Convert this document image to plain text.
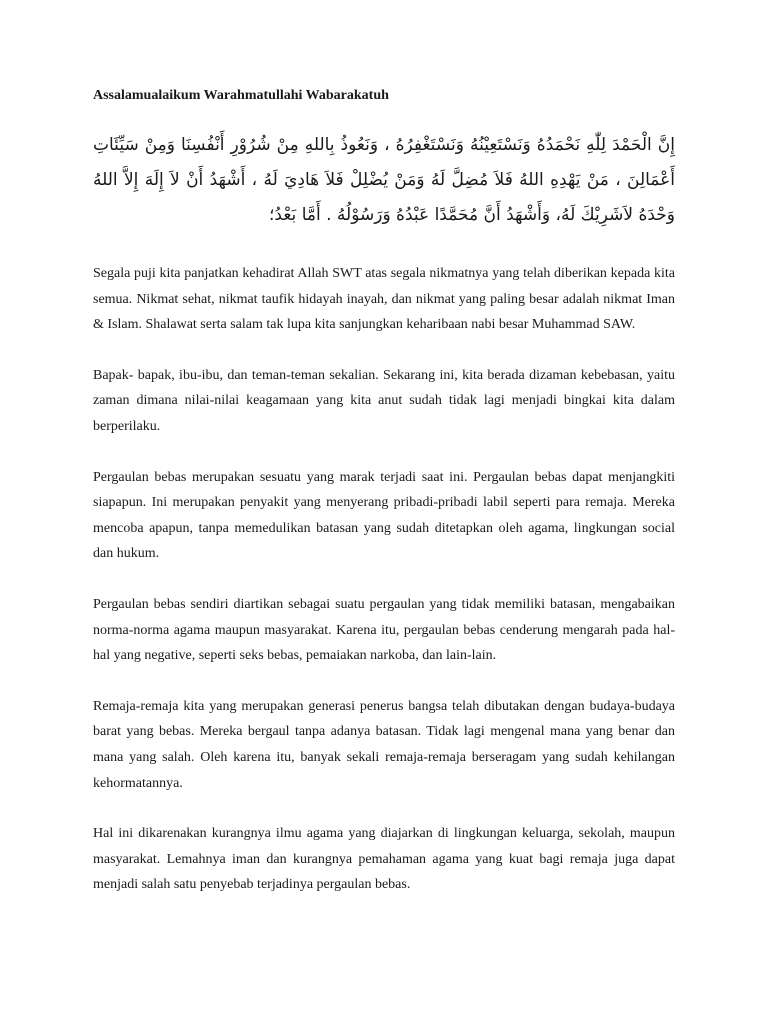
Assalamualaikum Warahmatullahi Wabarakatuh

إِنَّ الْحَمْدَ لِلّٰهِ نَحْمَدُهُ وَنَسْتَعِيْنُهُ وَنَسْتَغْفِرُهُ ، وَنَعُوذُ بِاللهِ مِنْ شُرُوْرِ أَنْفُسِنَا وَمِنْ سَيِّئَاتِ أَعْمَالِنَ ، مَنْ يَهْدِهِ اللهُ فَلاَ مُضِلَّ لَهُ وَمَنْ يُضْلِلْ فَلاَ هَادِيَ لَهُ ، أَشْهَدُ أَنْ لاَ إِلَهَ إِلاَّ اللهُ وَحْدَهُ لاَشَرِيْكَ لَهُ، وَأَشْهَدُ أَنَّ مُحَمَّدًا عَبْدُهُ وَرَسُوْلُهُ . أَمَّا بَعْدُ؛

Segala puji kita panjatkan kehadirat Allah SWT atas segala nikmatnya yang telah diberikan kepada kita semua. Nikmat sehat, nikmat taufik hidayah inayah, dan nikmat yang paling besar adalah nikmat Iman & Islam. Shalawat serta salam tak lupa kita sanjungkan keharibaan nabi besar Muhammad SAW.

Bapak- bapak, ibu-ibu, dan teman-teman sekalian. Sekarang ini, kita berada dizaman kebebasan, yaitu zaman dimana nilai-nilai keagamaan yang kita anut sudah tidak lagi menjadi bingkai kita dalam berperilaku.

Pergaulan bebas merupakan sesuatu yang marak terjadi saat ini. Pergaulan bebas dapat menjangkiti siapapun. Ini merupakan penyakit yang menyerang pribadi-pribadi labil seperti para remaja. Mereka mencoba apapun, tanpa memedulikan batasan yang sudah ditetapkan oleh agama, lingkungan social dan hukum.

Pergaulan bebas sendiri diartikan sebagai suatu pergaulan yang tidak memiliki batasan, mengabaikan norma-norma agama maupun masyarakat. Karena itu, pergaulan bebas cenderung mengarah pada hal-hal yang negative, seperti seks bebas, pemaiakan narkoba, dan lain-lain.

Remaja-remaja kita yang merupakan generasi penerus bangsa telah dibutakan dengan budaya-budaya barat yang bebas. Mereka bergaul tanpa adanya batasan. Tidak lagi mengenal mana yang benar dan mana yang salah. Oleh karena itu, banyak sekali remaja-remaja berseragam yang sudah kehilangan kehormatannya.

Hal ini dikarenakan kurangnya ilmu agama yang diajarkan di lingkungan keluarga, sekolah, maupun masyarakat. Lemahnya iman dan kurangnya pemahaman agama yang kuat bagi remaja juga dapat menjadi salah satu penyebab terjadinya pergaulan bebas.
